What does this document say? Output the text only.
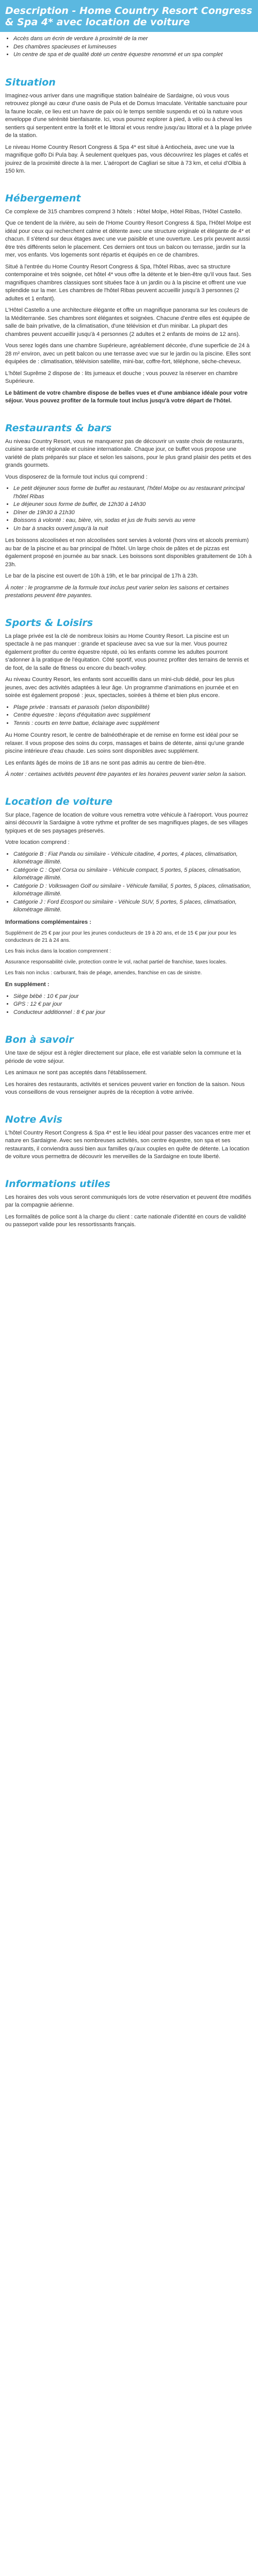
Description - Home Country Resort Congress & Spa 4* avec location de voiture
• Accès dans un écrin de verdure à proximité de la mer
• Des chambres spacieuses et lumineuses
• Un centre de spa et de qualité doté un centre équestre renommé et un spa complet
Situation

Imaginez-vous arriver dans une magnifique station balnéaire de Sardaigne, où vous vous retrouvez plongé au cœur d'une oasis de Pula et de Domus Imaculate. Véritable sanctuaire pour la faune locale, ce lieu est un havre de paix où le temps semble suspendu et où la nature vous enveloppe d'une sérénité bienfaisante. Ici, vous pourrez explorer à pied, à vélo ou à cheval les sentiers qui serpentent entre la forêt et le littoral et vous rendre jusqu'au littoral et à la plage privée de la station.

Le niveau Home Country Resort Congress & Spa 4* est situé à Antiocheia, avec une vue la magnifique golfo Di Pula bay. À seulement quelques pas, vous découvrirez les plages et cafés et jouirez de la proximité directe à la mer. L'aéroport de Cagliari se situe à 73 km, et celui d'Olbia à 150 km.

Hébergement

Ce complexe de 315 chambres comprend 3 hôtels : Hôtel Molpe, Hôtel Ribas, l'Hôtel Castello.

Que ce tendent de la rivière, au sein de l'Home Country Resort Congress & Spa, l'Hôtel Molpe est idéal pour ceux qui recherchent calme et détente avec une structure originale et élégante de 4* et chacun. Il s'étend sur deux étages avec une vue paisible et une ouverture. Les prix peuvent aussi être très différents selon le placement. Ces derniers ont tous un balcon ou terrasse, jardin sur la mer, vos enfants. Vos logements sont répartis et équipés en ce de chambres.

Situé à l'entrée du Home Country Resort Congress & Spa, l'hôtel Ribas, avec sa structure contemporaine et très soignée, cet hôtel 4* vous offre la détente et le bien-être qu'il vous faut. Ses magnifiques chambres classiques sont situées face à un jardin ou à la piscine et offrent une vue splendide sur la mer. Les chambres de l'hôtel Ribas peuvent accueillir jusqu'à 3 personnes (2 adultes et 1 enfant).

L'Hôtel Castello a une architecture élégante et offre un magnifique panorama sur les couleurs de la Méditerranée. Ses chambres sont élégantes et soignées. Chacune d'entre elles est équipée de salle de bain privative, de la climatisation, d'une télévision et d'un minibar. La plupart des chambres peuvent accueillir jusqu'à 4 personnes (2 adultes et 2 enfants de moins de 12 ans).

Vous serez logés dans une chambre Supérieure, agréablement décorée, d'une superficie de 24 à 28 m² environ, avec un petit balcon ou une terrasse avec vue sur le jardin ou la piscine. Elles sont équipées de : climatisation, télévision satellite, mini-bar, coffre-fort, téléphone, sèche-cheveux.

L'hôtel Suprême 2 dispose de : lits jumeaux et douche ; vous pouvez la réserver en chambre Supérieure.

Le bâtiment de votre chambre dispose de belles vues et d'une ambiance idéale pour votre séjour. Vous pouvez profiter de la formule tout inclus jusqu'à votre départ de l'hôtel.

Restaurants & bars

Au niveau Country Resort, vous ne manquerez pas de découvrir un vaste choix de restaurants, cuisine sarde et régionale et cuisine internationale. Chaque jour, ce buffet vous propose une variété de plats préparés sur place et selon les saisons, pour le plus grand plaisir des petits et des grands gourmets.

Vous disposerez de la formule tout inclus qui comprend :

• Le petit déjeuner sous forme de buffet au restaurant, l'hôtel Molpe ou au restaurant principal l'hôtel Ribas
• Le déjeuner sous forme de buffet, de 12h30 à 14h30
• Dîner de 19h30 à 21h30
• Boissons à volonté : eau, bière, vin, sodas et jus de fruits servis au verre
• Un bar à snacks ouvert jusqu'à la nuit

Les boissons alcoolisées et non alcoolisées sont servies à volonté (hors vins et alcools premium) au bar de la piscine et au bar principal de l'hôtel. Un large choix de pâtes et de pizzas est également proposé en journée au bar snack. Les boissons sont disponibles gratuitement de 10h à 23h.

Le bar de la piscine est ouvert de 10h à 19h, et le bar principal de 17h à 23h.

À noter : le programme de la formule tout inclus peut varier selon les saisons et certaines prestations peuvent être payantes.

Sports & Loisirs

La plage privée est la clé de nombreux loisirs au Home Country Resort. La piscine est un spectacle à ne pas manquer : grande et spacieuse avec sa vue sur la mer. Vous pourrez également profiter du centre équestre réputé, où les enfants comme les adultes pourront s'adonner à la pratique de l'équitation. Côté sportif, vous pourrez profiter des terrains de tennis et de foot, de la salle de fitness ou encore du beach-volley.

Au niveau Country Resort, les enfants sont accueillis dans un mini-club dédié, pour les plus jeunes, avec des activités adaptées à leur âge. Un programme d'animations en journée et en soirée est également proposé : jeux, spectacles, soirées à thème et bien plus encore.

• Plage privée : transats et parasols (selon disponibilité)
• Centre équestre : leçons d'équitation avec supplément
• Tennis : courts en terre battue, éclairage avec supplément

Au Home Country resort, le centre de balnéothérapie et de remise en forme est idéal pour se relaxer. Il vous propose des soins du corps, massages et bains de détente, ainsi qu'une grande piscine intérieure d'eau chaude. Les soins sont disponibles avec supplément.

Les enfants âgés de moins de 18 ans ne sont pas admis au centre de bien-être.

À noter : certaines activités peuvent être payantes et les horaires peuvent varier selon la saison.

Location de voiture

Sur place, l'agence de location de voiture vous remettra votre véhicule à l'aéroport. Vous pourrez ainsi découvrir la Sardaigne à votre rythme et profiter de ses magnifiques plages, de ses villages typiques et de ses paysages préservés.

Votre location comprend :

• Catégorie B : Fiat Panda ou similaire - Véhicule citadine, 4 portes, 4 places, climatisation, kilométrage illimité.
• Catégorie C : Opel Corsa ou similaire - Véhicule compact, 5 portes, 5 places, climatisation, kilométrage illimité.
• Catégorie D : Volkswagen Golf ou similaire - Véhicule familial, 5 portes, 5 places, climatisation, kilométrage illimité.
• Catégorie J : Ford Ecosport ou similaire - Véhicule SUV, 5 portes, 5 places, climatisation, kilométrage illimité.

Informations complémentaires :

Supplément de 25 € par jour pour les jeunes conducteurs de 19 à 20 ans, et de 15 € par jour pour les conducteurs de 21 à 24 ans.

Les frais inclus dans la location comprennent :

Assurance responsabilité civile, protection contre le vol, rachat partiel de franchise, taxes locales.

Les frais non inclus : carburant, frais de péage, amendes, franchise en cas de sinistre.

En supplément :

• Siège bébé : 10 € par jour
• GPS : 12 € par jour
• Conducteur additionnel : 8 € par jour
Bon à savoir

Une taxe de séjour est à régler directement sur place, elle est variable selon la commune et la période de votre séjour.

Les animaux ne sont pas acceptés dans l'établissement.

Les horaires des restaurants, activités et services peuvent varier en fonction de la saison. Nous vous conseillons de vous renseigner auprès de la réception à votre arrivée.

Notre Avis

L'hôtel Country Resort Congress & Spa 4* est le lieu idéal pour passer des vacances entre mer et nature en Sardaigne. Avec ses nombreuses activités, son centre équestre, son spa et ses restaurants, il conviendra aussi bien aux familles qu'aux couples en quête de détente. La location de voiture vous permettra de découvrir les merveilles de la Sardaigne en toute liberté.

Informations utiles

Les horaires des vols vous seront communiqués lors de votre réservation et peuvent être modifiés par la compagnie aérienne.

Les formalités de police sont à la charge du client : carte nationale d'identité en cours de validité ou passeport valide pour les ressortissants français.
